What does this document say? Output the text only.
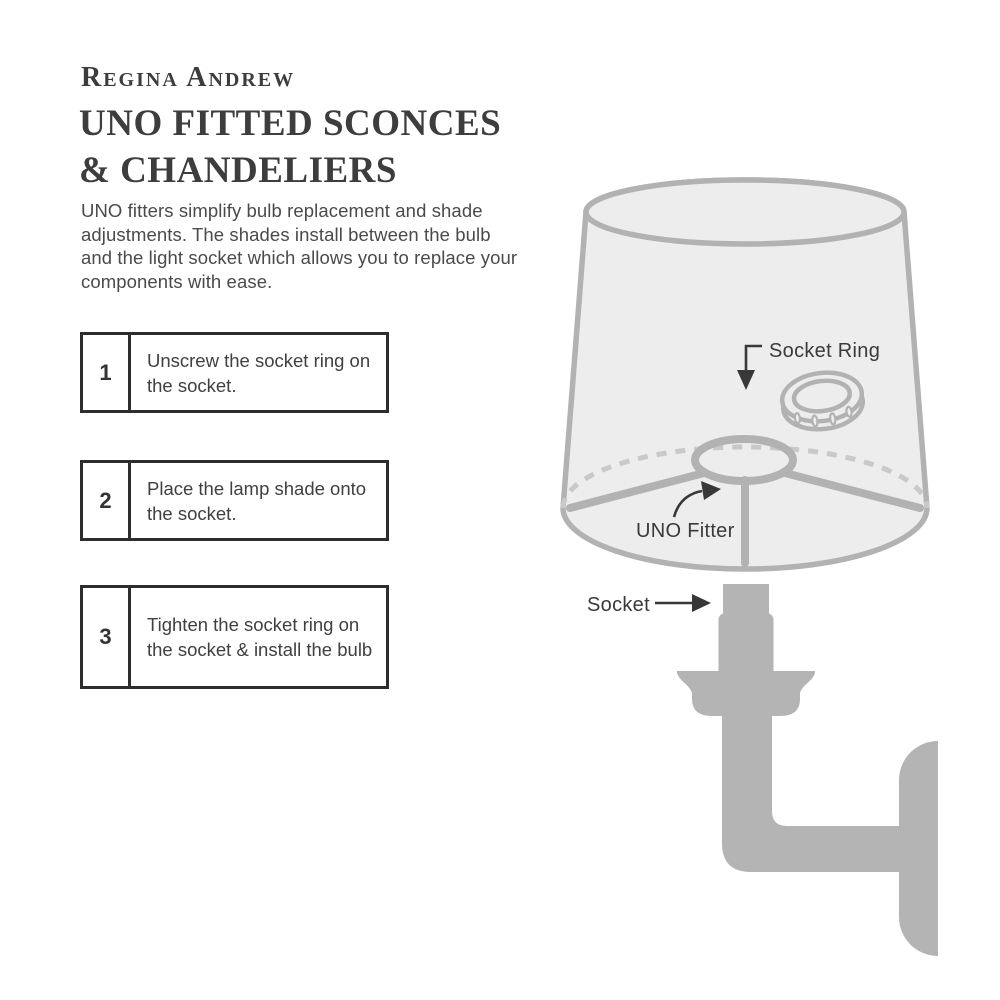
Regina Andrew
UNO FITTED SCONCES
& CHANDELIERS

UNO fitters simplify bulb replacement and shade adjustments. The shades install between the bulb and the light socket which allows you to replace your components with ease.

1	Unscrew the socket ring on the socket.
2	Place the lamp shade onto the socket.
3	Tighten the socket ring on the socket & install the bulb
Socket Ring
UNO Fitter
Socket
